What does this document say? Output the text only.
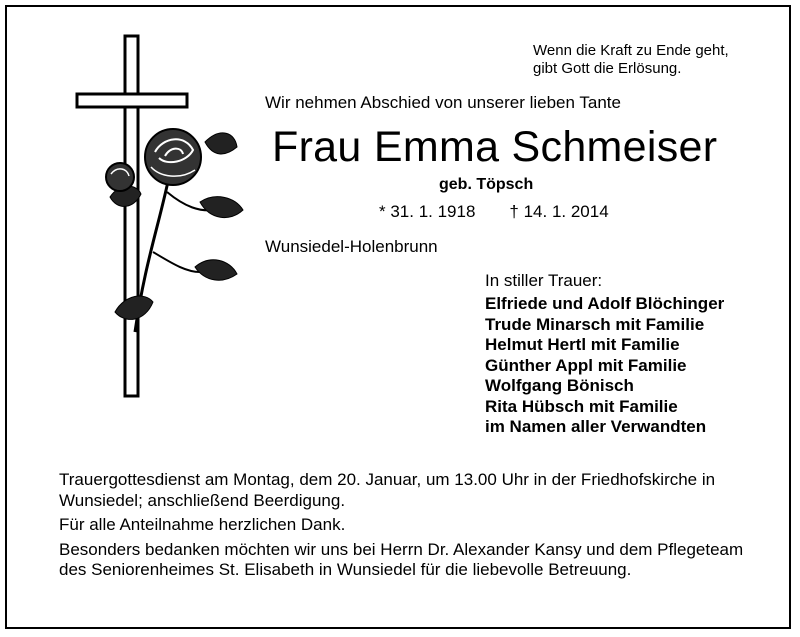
Wenn die Kraft zu Ende geht,
gibt Gott die Erlösung.
Wir nehmen Abschied von unserer lieben Tante
Frau Emma Schmeiser
geb. Töpsch
* 31. 1. 1918 † 14. 1. 2014
Wunsiedel-Holenbrunn
In stiller Trauer:
Elfriede und Adolf Blöchinger
Trude Minarsch mit Familie
Helmut Hertl mit Familie
Günther Appl mit Familie
Wolfgang Bönisch
Rita Hübsch mit Familie
im Namen aller Verwandten

Trauergottesdienst am Montag, dem 20. Januar, um 13.00 Uhr in der Friedhofskirche in Wunsiedel; anschließend Beerdigung.

Für alle Anteilnahme herzlichen Dank.

Besonders bedanken möchten wir uns bei Herrn Dr. Alexander Kansy und dem Pflegeteam des Seniorenheimes St. Elisabeth in Wunsiedel für die liebevolle Betreuung.
